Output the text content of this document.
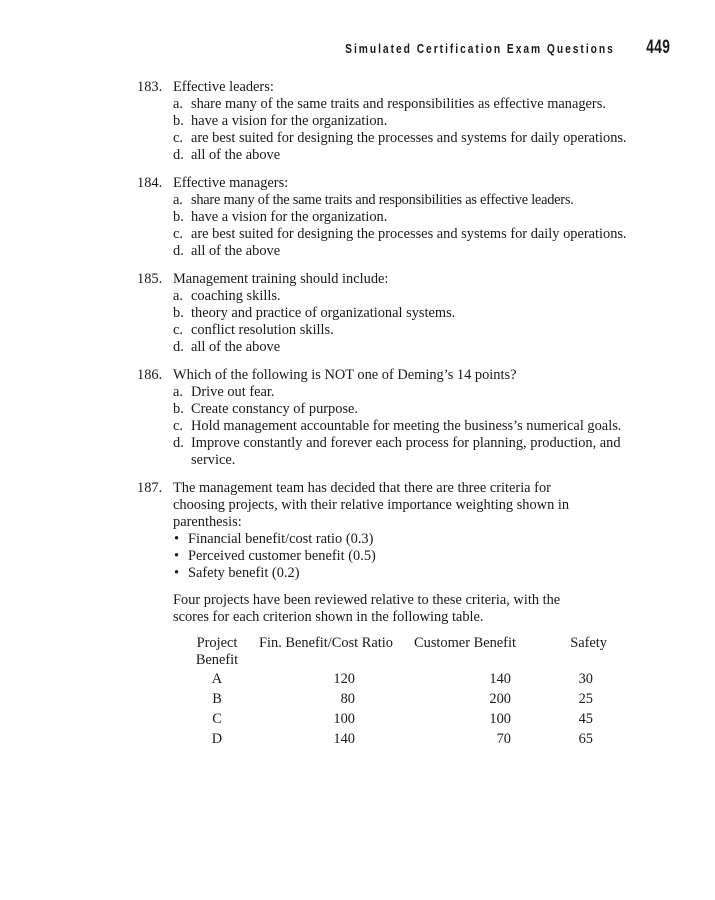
Simulated Certification Exam Questions 449
183. Effective leaders:
a. share many of the same traits and responsibilities as effective managers.
b. have a vision for the organization.
c. are best suited for designing the processes and systems for daily operations.
d. all of the above
184. Effective managers:
a. share many of the same traits and responsibilities as effective leaders.
b. have a vision for the organization.
c. are best suited for designing the processes and systems for daily operations.
d. all of the above
185. Management training should include:
a. coaching skills.
b. theory and practice of organizational systems.
c. conflict resolution skills.
d. all of the above
186. Which of the following is NOT one of Deming’s 14 points?
a. Drive out fear.
b. Create constancy of purpose.
c. Hold management accountable for meeting the business’s numerical goals.
d. Improve constantly and forever each process for planning, production, and service.
187. The management team has decided that there are three criteria for choosing projects, with their relative importance weighting shown in parenthesis:
• Financial benefit/cost ratio (0.3)
• Perceived customer benefit (0.5)
• Safety benefit (0.2)
Four projects have been reviewed relative to these criteria, with the scores for each criterion shown in the following table.
Project Benefit	Fin. Benefit/Cost Ratio	Customer Benefit	Safety
A	120	140	30
B	80	200	25
C	100	100	45
D	140	70	65
